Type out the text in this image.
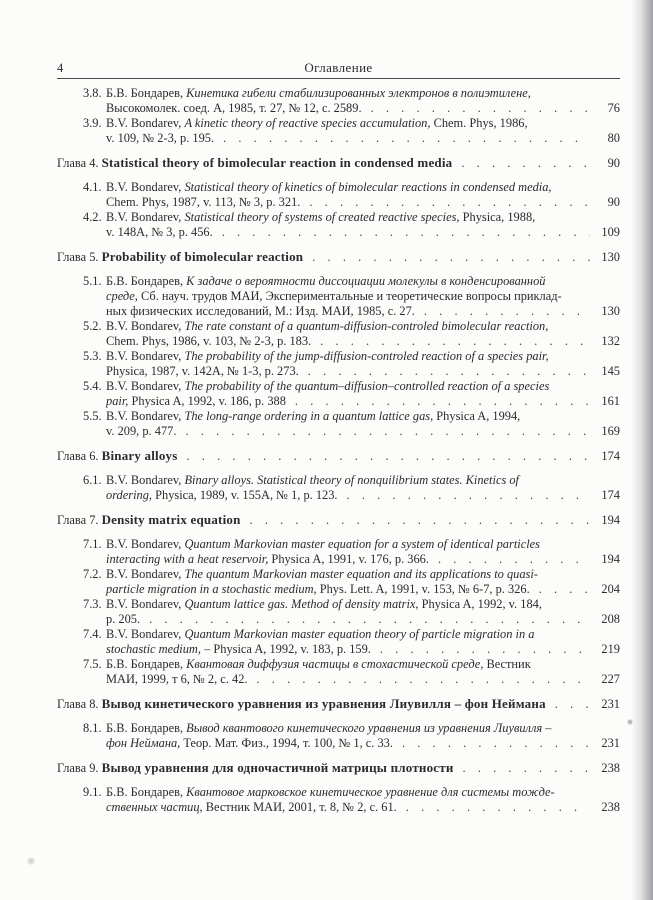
4	Оглавление
3.8. Б.В. Бондарев, Кинетика гибели стабилизированных электронов в полиэтилене,
Высокомолек. соед. А, 1985, т. 27, № 12, с. 2589. .  .	76
3.9. B.V. Bondarev, A kinetic theory of reactive species accumulation, Chem. Phys, 1986,
v. 109, № 2-3, p. 195. .  .	80
Глава 4. Statistical theory of bimolecular reaction in condensed media .  .	90
4.1. B.V. Bondarev, Statistical theory of kinetics of bimolecular reactions in condensed media,
Chem. Phys, 1987, v. 113, № 3, p. 321. .  .	90
4.2. B.V. Bondarev, Statistical theory of systems of created reactive species, Physica, 1988,
v. 148A, № 3, p. 456. .  .	109
Глава 5. Probability of bimolecular reaction .  .	130
5.1. Б.В. Бондарев, К задаче о вероятности диссоциации молекулы в конденсированной
среде, Сб. науч. трудов МАИ, Экспериментальные и теоретические вопросы приклад-
ных физических исследований, М.: Изд. МАИ, 1985, с. 27. .  .	130
5.2. B.V. Bondarev, The rate constant of a quantum-diffusion-controled bimolecular reaction,
Chem. Phys, 1986, v. 103, № 2-3, p. 183. .  .	132
5.3. B.V. Bondarev, The probability of the jump-diffusion-controled reaction of a species pair,
Physica, 1987, v. 142A, № 1-3, p. 273. .  .	145
5.4. B.V. Bondarev, The probability of the quantum–diffusion–controlled reaction of a species
pair, Physica A, 1992, v. 186, p. 388 .  .	161
5.5. B.V. Bondarev, The long-range ordering in a quantum lattice gas, Physica A, 1994,
v. 209, p. 477. .  .	169
Глава 6. Binary alloys .  .	174
6.1. B.V. Bondarev, Binary alloys. Statistical theory of nonquilibrium states. Kinetics of
ordering, Physica, 1989, v. 155A, № 1, p. 123. .  .	174
Глава 7. Density matrix equation .  .	194
7.1. B.V. Bondarev, Quantum Markovian master equation for a system of identical particles
interacting with a heat reservoir, Physica A, 1991, v. 176, p. 366. .  .	194
7.2. B.V. Bondarev, The quantum Markovian master equation and its applications to quasi-
particle migration in a stochastic medium, Phys. Lett. A, 1991, v. 153, № 6-7, p. 326. .  .	204
7.3. B.V. Bondarev, Quantum lattice gas. Method of density matrix, Physica A, 1992, v. 184,
p. 205. .  .	208
7.4. B.V. Bondarev, Quantum Markovian master equation theory of particle migration in a
stochastic medium, – Physica A, 1992, v. 183, p. 159. .  .	219
7.5. Б.В. Бондарев, Квантовая диффузия частицы в стохастической среде, Вестник
МАИ, 1999, т 6, № 2, с. 42. .  .	227
Глава 8. Вывод кинетического уравнения из уравнения Лиувилля – фон Неймана .  .	231
8.1. Б.В. Бондарев, Вывод квантового кинетического уравнения из уравнения Лиувилля –
фон Неймана, Теор. Мат. Физ., 1994, т. 100, № 1, с. 33. .  .	231
Глава 9. Вывод уравнения для одночастичной матрицы плотности .  .	238
9.1. Б.В. Бондарев, Квантовое марковское кинетическое уравнение для системы тожде-
ственных частиц, Вестник МАИ, 2001, т. 8, № 2, с. 61. .  .	238
